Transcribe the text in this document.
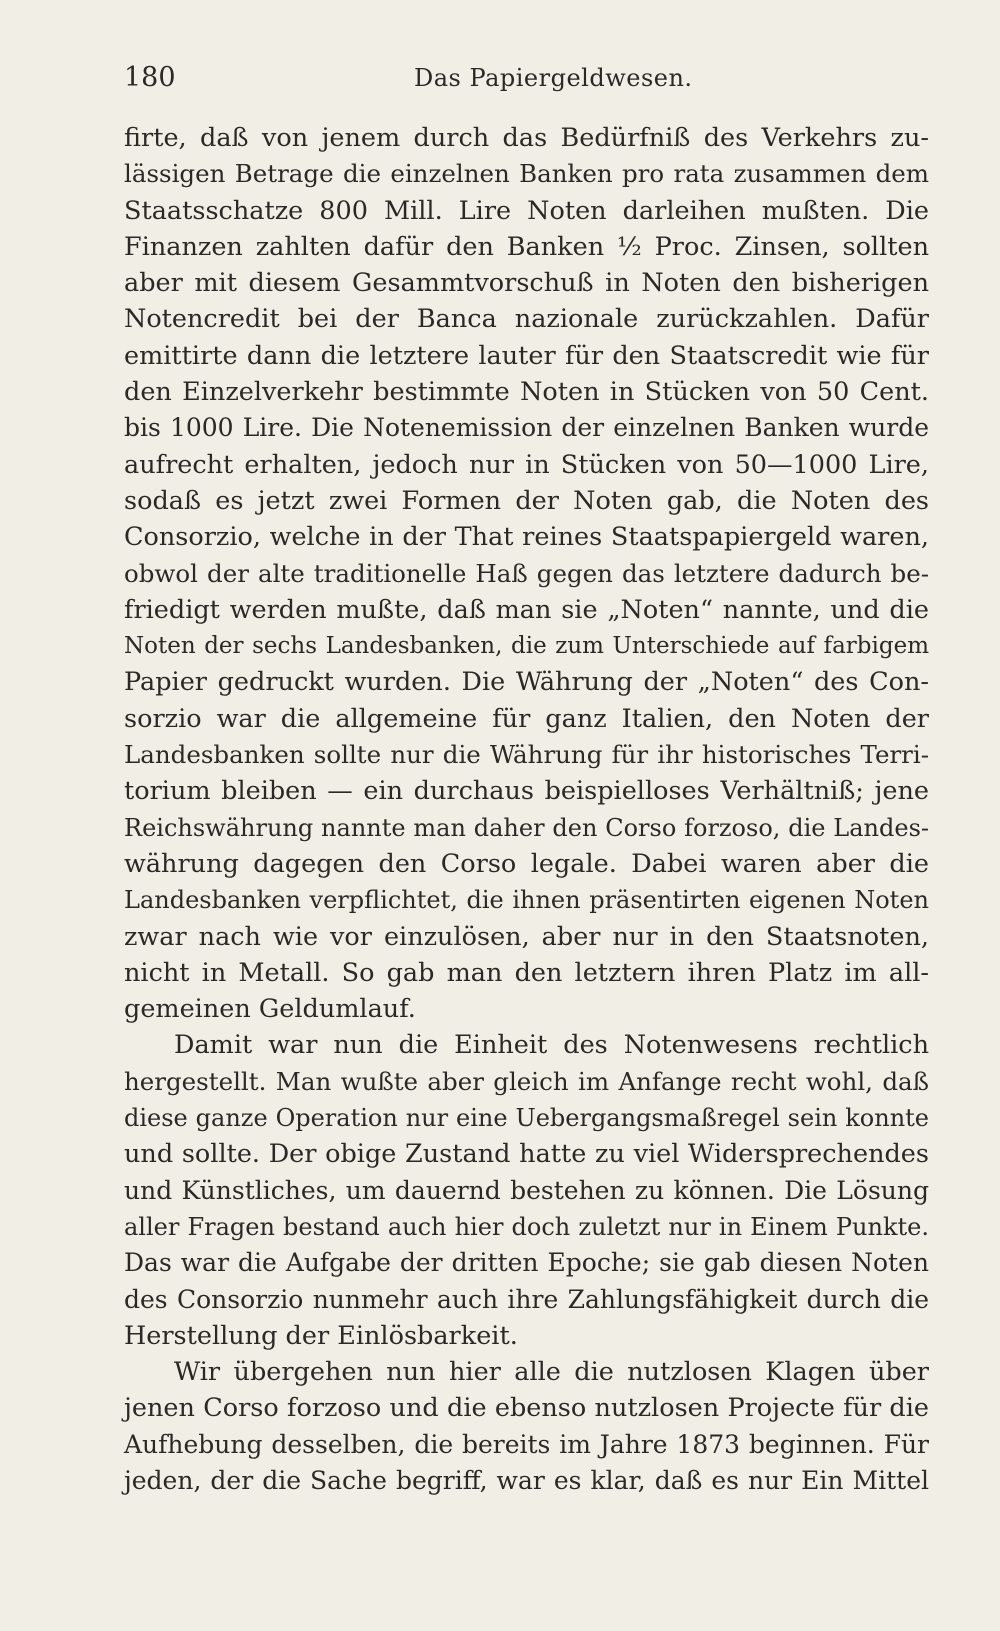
180	Das Papiergeldwesen.
firte, daß von jenem durch das Bedürfniß des Verkehrs zu-
lässigen Betrage die einzelnen Banken pro rata zusammen dem
Staatsschatze 800 Mill. Lire Noten darleihen mußten. Die
Finanzen zahlten dafür den Banken ½ Proc. Zinsen, sollten
aber mit diesem Gesammtvorschuß in Noten den bisherigen
Notencredit bei der Banca nazionale zurückzahlen. Dafür
emittirte dann die letztere lauter für den Staatscredit wie für
den Einzelverkehr bestimmte Noten in Stücken von 50 Cent.
bis 1000 Lire. Die Notenemission der einzelnen Banken wurde
aufrecht erhalten, jedoch nur in Stücken von 50—1000 Lire,
sodaß es jetzt zwei Formen der Noten gab, die Noten des
Consorzio, welche in der That reines Staatspapiergeld waren,
obwol der alte traditionelle Haß gegen das letztere dadurch be-
friedigt werden mußte, daß man sie „Noten“ nannte, und die
Noten der sechs Landesbanken, die zum Unterschiede auf farbigem
Papier gedruckt wurden. Die Währung der „Noten“ des Con-
sorzio war die allgemeine für ganz Italien, den Noten der
Landesbanken sollte nur die Währung für ihr historisches Terri-
torium bleiben — ein durchaus beispielloses Verhältniß; jene
Reichswährung nannte man daher den Corso forzoso, die Landes-
währung dagegen den Corso legale. Dabei waren aber die
Landesbanken verpflichtet, die ihnen präsentirten eigenen Noten
zwar nach wie vor einzulösen, aber nur in den Staatsnoten,
nicht in Metall. So gab man den letztern ihren Platz im all-
gemeinen Geldumlauf.
Damit war nun die Einheit des Notenwesens rechtlich
hergestellt. Man wußte aber gleich im Anfange recht wohl, daß
diese ganze Operation nur eine Uebergangsmaßregel sein konnte
und sollte. Der obige Zustand hatte zu viel Widersprechendes
und Künstliches, um dauernd bestehen zu können. Die Lösung
aller Fragen bestand auch hier doch zuletzt nur in Einem Punkte.
Das war die Aufgabe der dritten Epoche; sie gab diesen Noten
des Consorzio nunmehr auch ihre Zahlungsfähigkeit durch die
Herstellung der Einlösbarkeit.
Wir übergehen nun hier alle die nutzlosen Klagen über
jenen Corso forzoso und die ebenso nutzlosen Projecte für die
Aufhebung desselben, die bereits im Jahre 1873 beginnen. Für
jeden, der die Sache begriff, war es klar, daß es nur Ein Mittel
